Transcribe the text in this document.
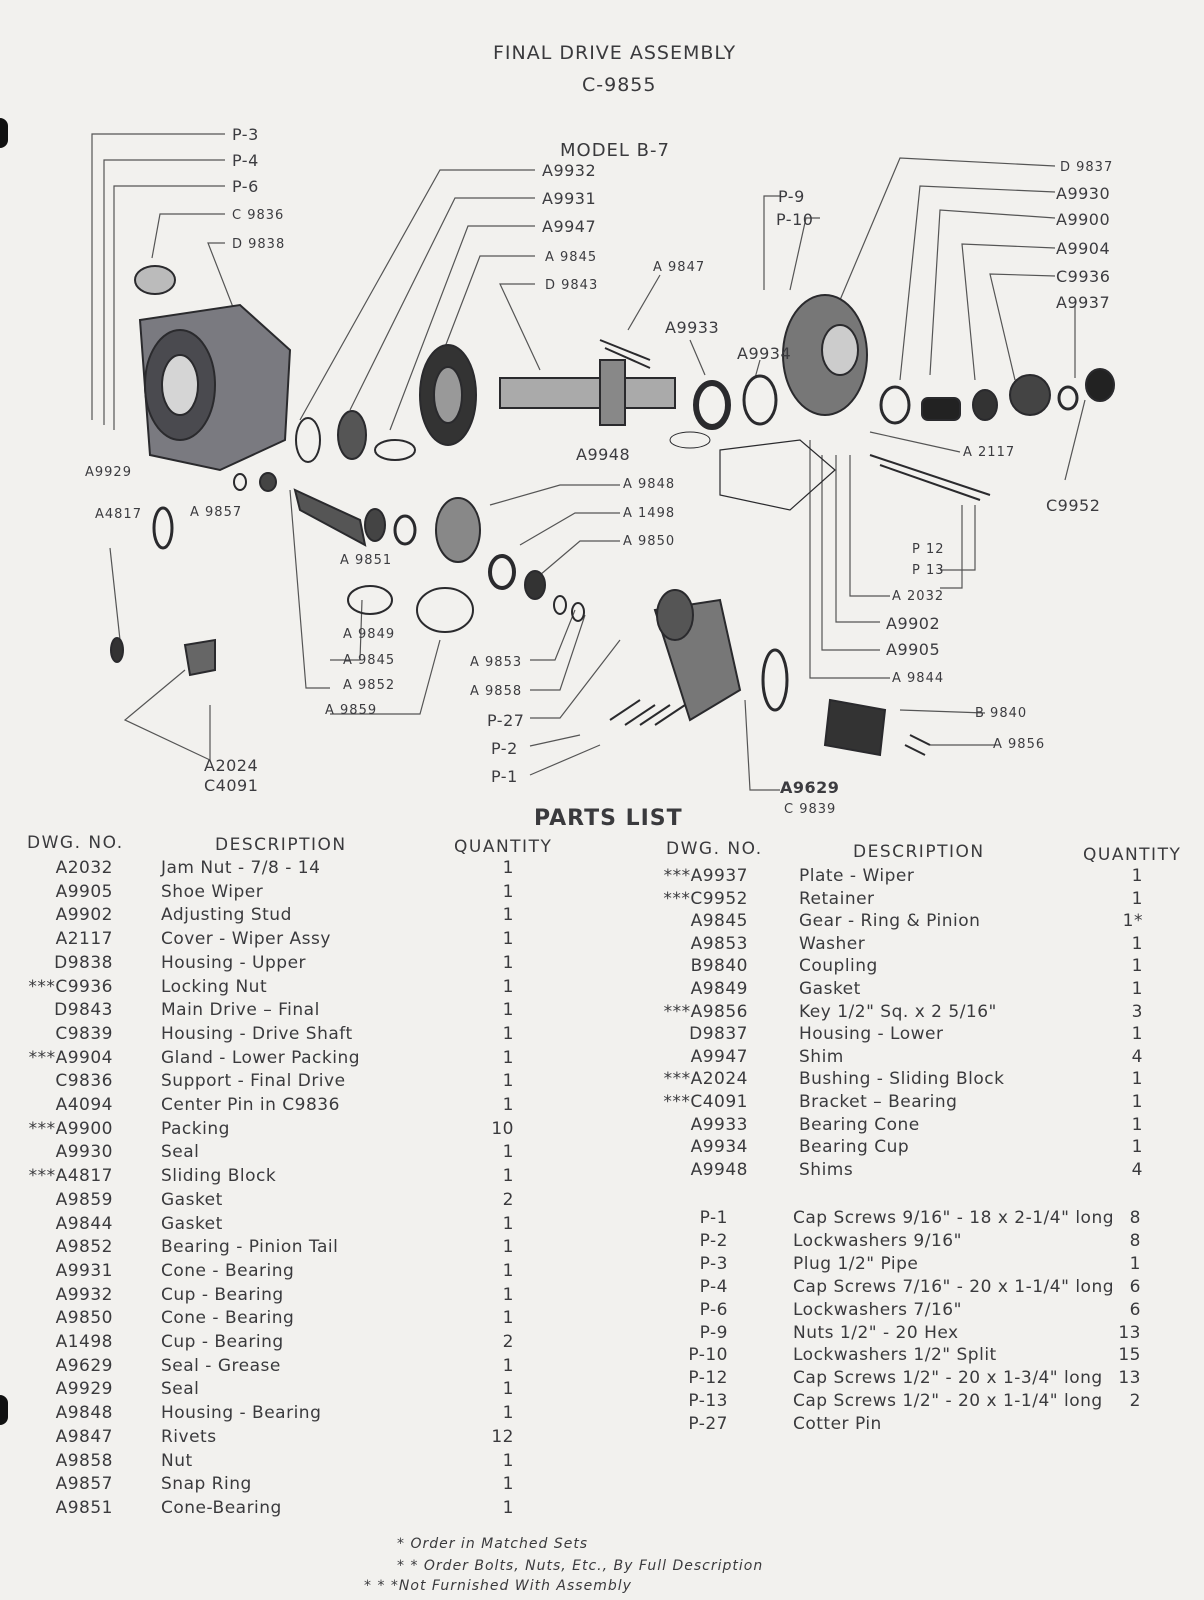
FINAL DRIVE ASSEMBLY
C-9855
MODEL B-7
P-3
P-4
P-6
C 9836
D 9838
A9932
A9931
A9947
A 9845
D 9843
A 9847
A9933
A9934
P-9
P-10
D 9837
A9930
A9900
A9904
C9936
A9937
A9948	A 2117
C9952
A9929
A4817	A 9857
A 9848
A 1498
A 9850
A 9851
P 12
P 13
A 2032
A9902
A9905
A 9844
A 9849
A 9845
A 9852
A 9853
A 9858
A 9859
P-27
P-2
P-1
B 9840
A 9856
A2024
C4091	A9629
C 9839
PARTS LIST
DWG. NO.	DESCRIPTION	QUANTITY	DWG. NO.	DESCRIPTION	QUANTITY
A2032	Jam Nut - 7/8 - 14	1
A9905	Shoe Wiper	1
A9902	Adjusting Stud	1
A2117	Cover - Wiper Assy	1
D9838	Housing - Upper	1
***C9936	Locking Nut	1
D9843	Main Drive – Final	1
C9839	Housing - Drive Shaft	1
***A9904	Gland - Lower Packing	1
C9836	Support - Final Drive	1
A4094	Center Pin in C9836	1
***A9900	Packing	10
A9930	Seal	1
***A4817	Sliding Block	1
A9859	Gasket	2
A9844	Gasket	1
A9852	Bearing - Pinion Tail	1
A9931	Cone - Bearing	1
A9932	Cup - Bearing	1
A9850	Cone - Bearing	1
A1498	Cup - Bearing	2
A9629	Seal - Grease	1
A9929	Seal	1
A9848	Housing - Bearing	1
A9847	Rivets	12
A9858	Nut	1
A9857	Snap Ring	1
A9851	Cone-Bearing	1
***A9937	Plate - Wiper	1
***C9952	Retainer	1
A9845	Gear - Ring & Pinion	1*
A9853	Washer	1
B9840	Coupling	1
A9849	Gasket	1
***A9856	Key 1/2" Sq. x 2 5/16"	3
D9837	Housing - Lower	1
A9947	Shim	4
***A2024	Bushing - Sliding Block	1
***C4091	Bracket – Bearing	1
A9933	Bearing Cone	1
A9934	Bearing Cup	1
A9948	Shims	4
P-1	Cap Screws 9/16" - 18 x 2-1/4" long 8
P-2	Lockwashers 9/16"	8
P-3	Plug 1/2" Pipe	1
P-4	Cap Screws 7/16" - 20 x 1-1/4" long 6
P-6	Lockwashers 7/16"	6
P-9	Nuts 1/2" - 20 Hex	13
P-10	Lockwashers 1/2" Split	15
P-12	Cap Screws 1/2" - 20 x 1-3/4" long 13
P-13	Cap Screws 1/2" - 20 x 1-1/4" long 2
P-27	Cotter Pin
* Order in Matched Sets
* * Order Bolts, Nuts, Etc., By Full Description
* * *Not Furnished With Assembly
